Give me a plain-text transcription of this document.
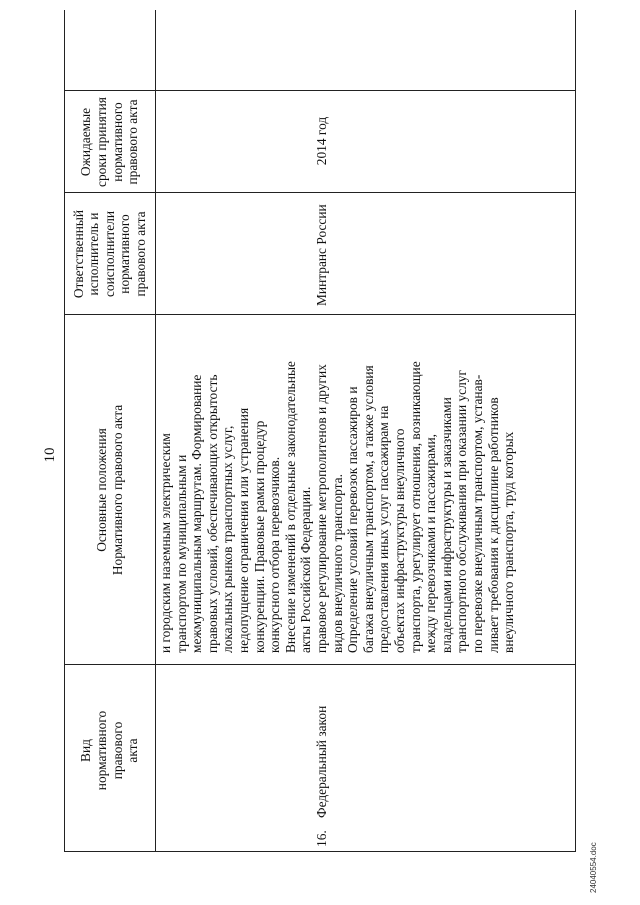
10
Вид нормативного правового акта
Основные положения Нормативного правового акта
Ответственный исполнитель и соисполнители нормативного правового акта
Ожидаемые сроки принятия нормативного правового акта
и городским наземным электрическим транспортом по муниципальным и межмуниципальным маршрутам. Формирование правовых условий, обеспечивающих открытость локальных рынков транспортных услуг, недопущение ограничения или устранения конкуренции. Правовые рамки процедур конкурсного отбора перевозчиков. Внесение изменений в отдельные законодательные акты Российской Федерации.
16.
Федеральный закон
правовое регулирование метрополитенов и других видов внеуличного транспорта. Определение условий перевозок пассажиров и багажа внеуличным транспортом, а также условия предоставления иных услуг пассажирам на объектах инфраструктуры внеуличного транспорта, урегулирует отношения, возникающие между перевозчиками и пассажирами, владельцами инфраструктуры и заказчиками транспортного обслуживания при оказании услуг по перевозке внеуличным транспортом, устанав- ливает требования к дисциплине работников внеуличного транспорта, труд которых
Минтранс России
2014 год
24040554.doc
